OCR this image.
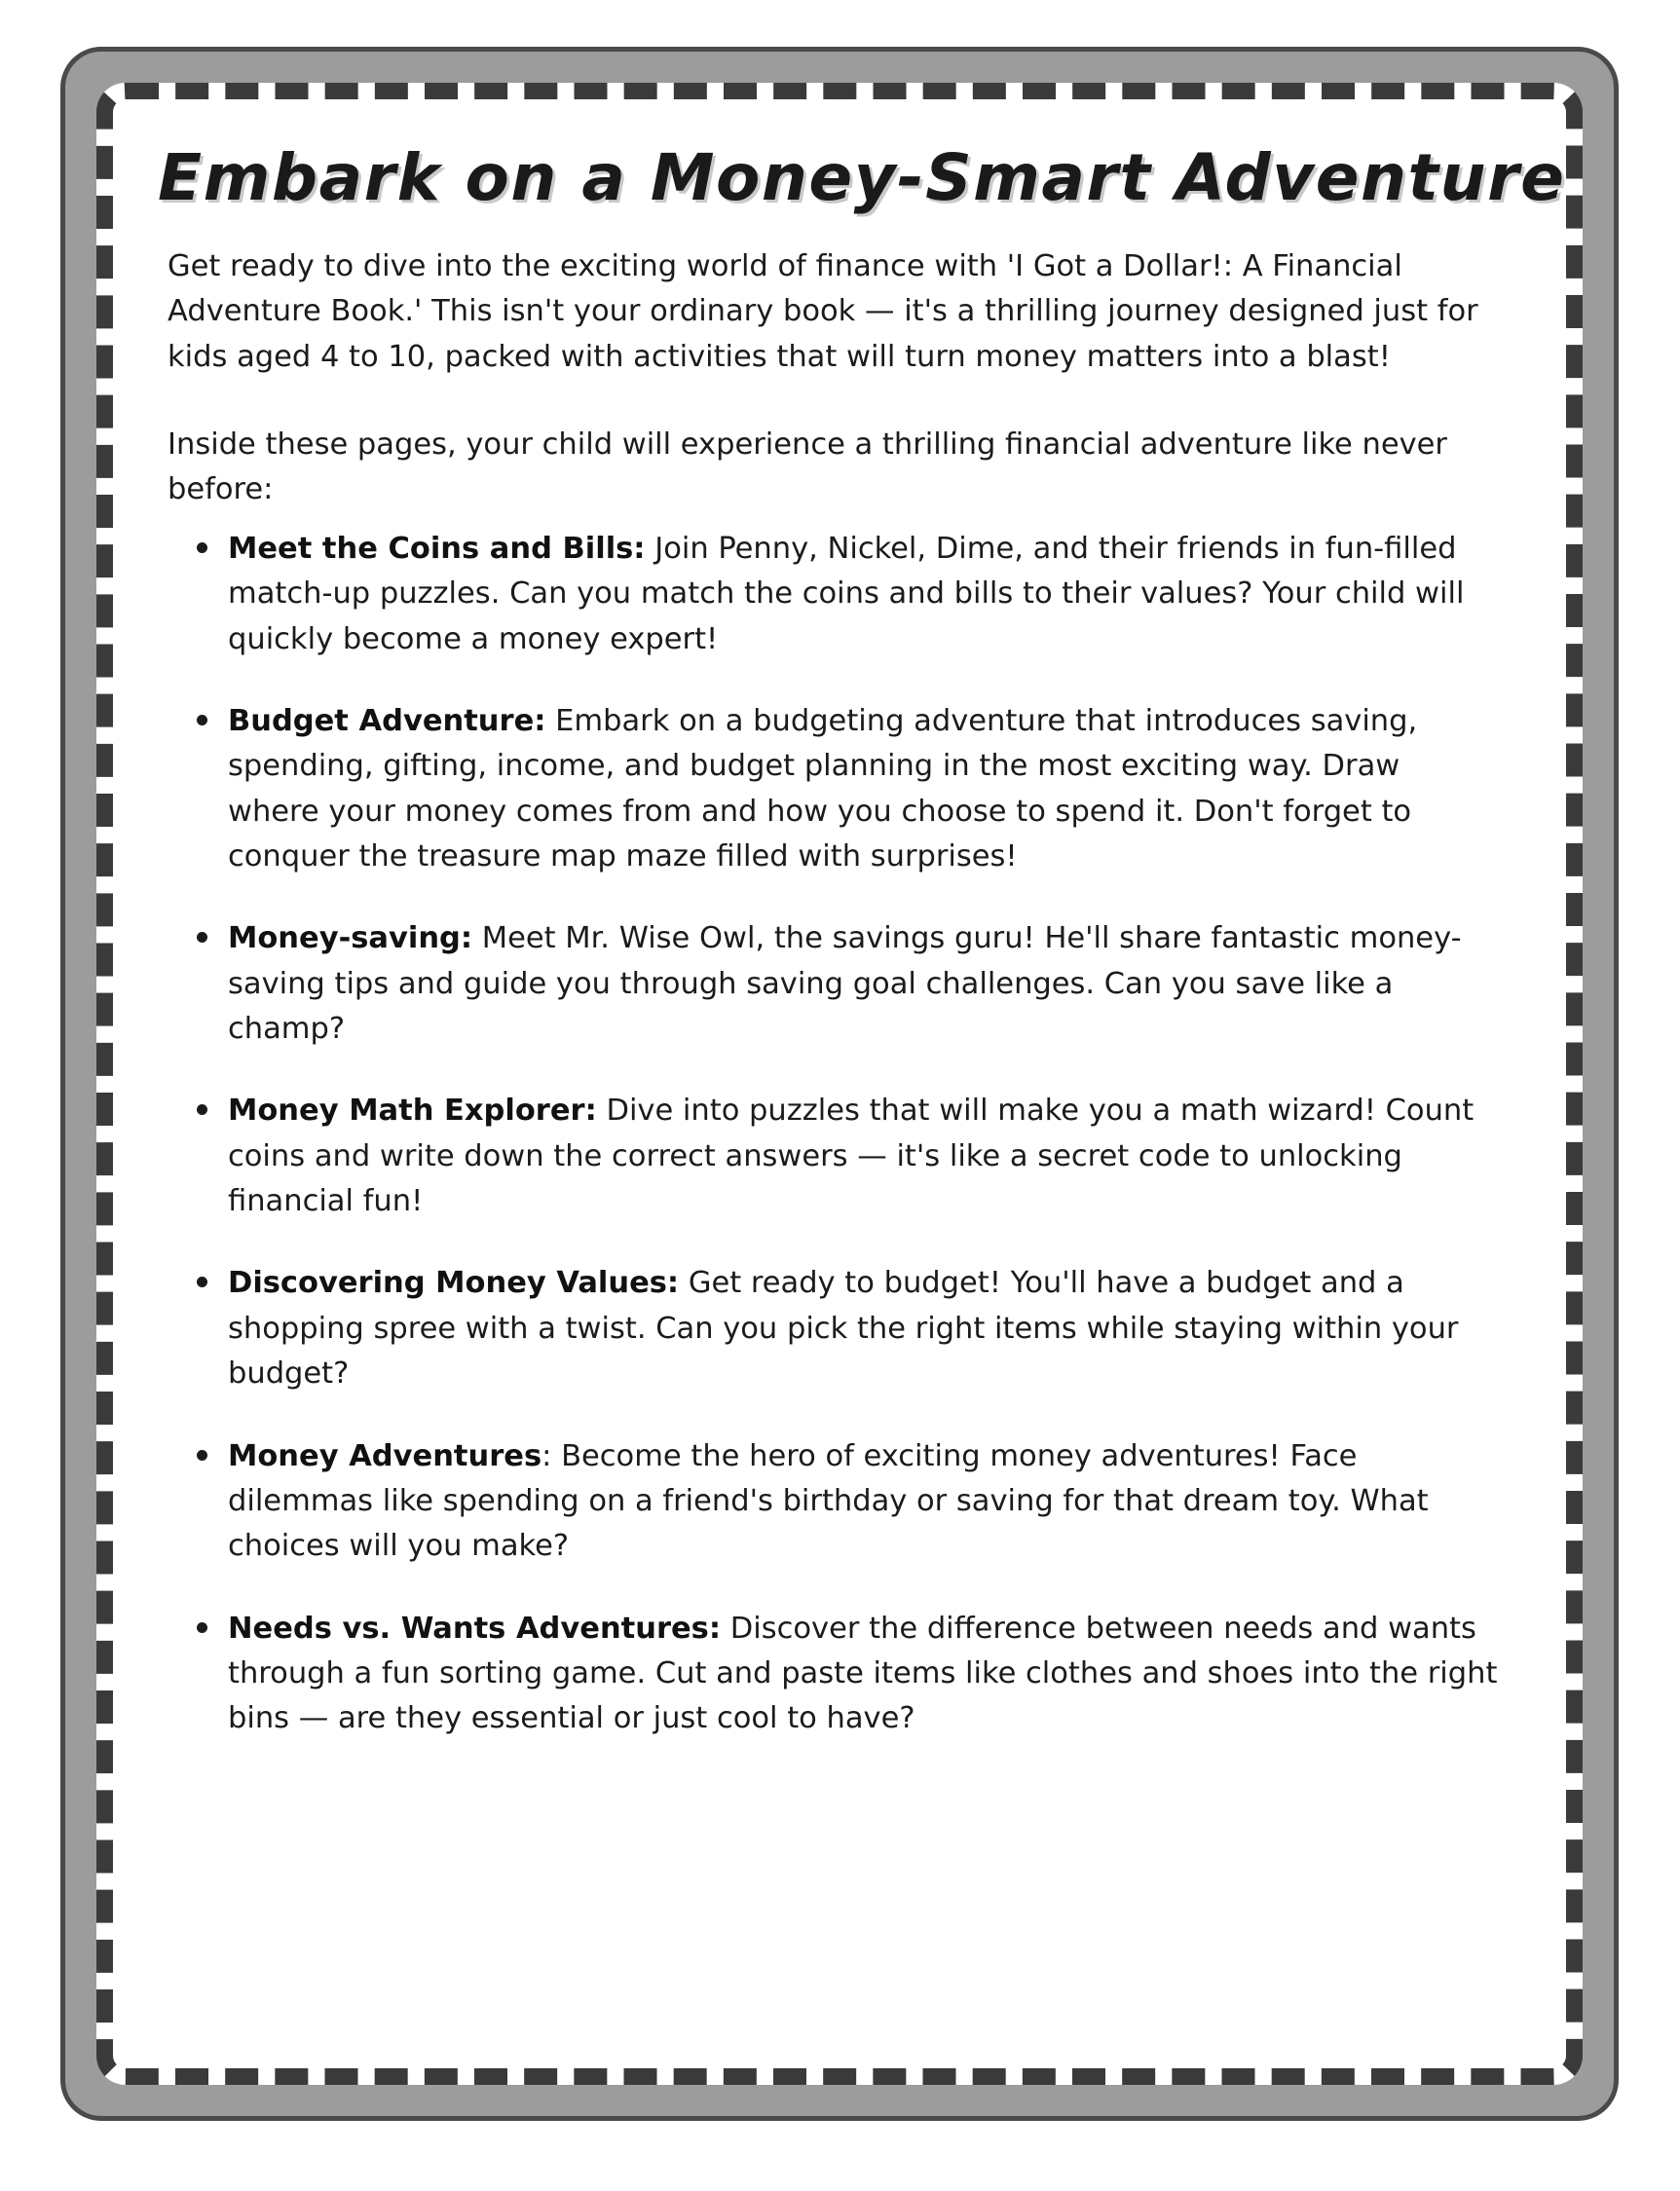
Embark on a Money-Smart Adventure

Get ready to dive into the exciting world of finance with 'I Got a Dollar!: A Financial Adventure Book.' This isn't your ordinary book — it's a thrilling journey designed just for kids aged 4 to 10, packed with activities that will turn money matters into a blast!

Inside these pages, your child will experience a thrilling financial adventure like never before:

Meet the Coins and Bills: Join Penny, Nickel, Dime, and their friends in fun-filled match-up puzzles. Can you match the coins and bills to their values? Your child will quickly become a money expert!
Budget Adventure: Embark on a budgeting adventure that introduces saving, spending, gifting, income, and budget planning in the most exciting way. Draw where your money comes from and how you choose to spend it. Don't forget to conquer the treasure map maze filled with surprises!
Money-saving: Meet Mr. Wise Owl, the savings guru! He'll share fantastic money-saving tips and guide you through saving goal challenges. Can you save like a champ?
Money Math Explorer: Dive into puzzles that will make you a math wizard! Count coins and write down the correct answers — it's like a secret code to unlocking financial fun!
Discovering Money Values: Get ready to budget! You'll have a budget and a shopping spree with a twist. Can you pick the right items while staying within your budget?
Money Adventures: Become the hero of exciting money adventures! Face dilemmas like spending on a friend's birthday or saving for that dream toy. What choices will you make?
Needs vs. Wants Adventures: Discover the difference between needs and wants through a fun sorting game. Cut and paste items like clothes and shoes into the right bins — are they essential or just cool to have?
